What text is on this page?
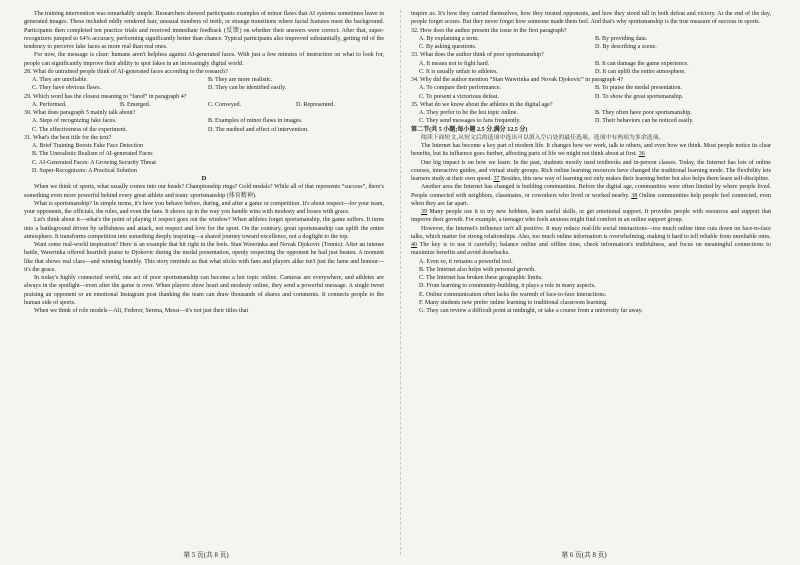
The training intervention was remarkably simple. Researchers showed participants examples of minor flaws that AI systems sometimes leave in generated images. These included oddly rendered hair, unusual numbers of teeth, or strange transitions where facial features meet the background. Participants then completed ten practice trials and received immediate feedback (反馈) on whether their answers were correct. After that, super-recognizers jumped to 64% accuracy, performing significantly better than chance. Typical participants also improved substantially, getting rid of the tendency to perceive fake faces as more real than real ones.

For now, the message is clear: humans aren't helpless against AI-generated faces. With just a few minutes of instruction on what to look for, people can significantly improve their ability to spot fakes in an increasingly digital world.

28. What do untrained people think of AI-generated faces according to the research?

A. They are unreliable.	B. They are more realistic.
C. They have obvious flaws.	D. They can be identified easily.

29. Which word has the closest meaning to “fared” in paragraph 4?

A. Performed.	B. Emerged.	C. Conveyed.	D. Represented.

30. What does paragraph 5 mainly talk about?

A. Steps of recognizing fake faces.	B. Examples of minor flaws in images.
C. The effectiveness of the experiment.	D. The method and effect of intervention.

31. What's the best title for the text?

A. Brief Training Boosts Fake Face Detection

B. The Unrealistic Realism of AI-generated Faces

C. AI-Generated Faces: A Growing Security Threat

D. Super-Recognizers: A Practical Solution

D

When we think of sports, what usually comes into our heads? Championship rings? Gold medals? While all of that represents “success”, there's something even more powerful behind every great athlete and team: sportsmanship (体育精神).

What is sportsmanship? In simple terms, it's how you behave before, during, and after a game or competition. It's about respect—for your team, your opponents, the officials, the rules, and even the fans. It shows up in the way you handle wins with modesty and losses with grace.

Let's think about it—what's the point of playing if respect goes out the window? When athletes forget sportsmanship, the game suffers. It turns into a battleground driven by selfishness and attack, not respect and love for the sport. On the contrary, great sportsmanship can uplift the entire atmosphere. It transforms competition into something deeply inspiring—a shared journey toward excellence, not a dogfight to the top.

Want some real-world inspiration? Here is an example that hit right in the feels. Stan Wawrinka and Novak Djokovic (Tennis): After an intense battle, Wawrinka offered heartfelt praise to Djokovic during the medal presentation, openly respecting the opponent he had just beaten. A moment like that shows real class—and winning humbly. This story reminds us that what sticks with fans and players alike isn't just the fame and honour—it's the grace.

In today's highly connected world, one act of poor sportsmanship can become a hot topic online. Cameras are everywhere, and athletes are always in the spotlight—even after the game is over. When players show heart and modesty online, they send a powerful message. A single tweet praising an opponent or an emotional Instagram post thanking the team can draw thousands of shares and comments. It connects people to the human side of sports.

When we think of role models—Ali, Federer, Serena, Messi—it's not just their titles that

inspire us. It's how they carried themselves, how they treated opponents, and how they stood tall in both defeat and victory. At the end of the day, people forget scores. But they never forget how someone made them feel. And that's why sportsmanship is the true measure of success in sports.

32. How does the author present the issue in the first paragraph?

A. By explaining a term.	B. By providing data.
C. By asking questions.	D. By describing a scene.

33. What does the author think of poor sportsmanship?

A. It means not to fight hard.	B. It can damage the game experience.
C. It is usually unfair to athletes.	D. It can uplift the entire atmosphere.

34. Why did the author mention “Stan Wawrinka and Novak Djokovic” in paragraph 4?

A. To compare their performance.	B. To praise the medal presentation.
C. To present a victorious defeat.	D. To show the great sportsmanship.

35. What do we know about the athletes in the digital age?

A. They prefer to be the hot topic online.	B. They often have poor sportsmanship.
C. They send messages to fans frequently.	D. Their behaviors can be noticed easily.

第二节(共 5 小题;每小题 2.5 分,满分 12.5 分)

阅读下面短文,从短文后的选项中选出可以填入空白处的最佳选项。选项中有两项为多余选项。

The Internet has become a key part of modern life. It changes how we work, talk to others, and even how we think. Most people notice its clear benefits, but its influence goes further, affecting parts of life we might not think about at first. 36

One big impact is on how we learn. In the past, students mostly used textbooks and in-person classes. Today, the Internet has lots of online courses, interactive guides, and virtual study groups. Rich online learning resources have changed the traditional learning mode. The flexibility lets learners study at their own speed. 37 Besides, this new way of learning not only makes their learning better but also helps them learn self-discipline.

Another area the Internet has changed is building communities. Before the digital age, communities were often limited by where people lived. People connected with neighbors, classmates, or coworkers who lived or worked nearby. 38 Online communities help people feel connected, even when they are far apart.

39 Many people use it to try new hobbies, learn useful skills, or get emotional support. It provides people with resources and support that improve their growth. For example, a teenager who feels anxious might find comfort in an online support group.

However, the Internet's influence isn't all positive. It may reduce real-life social interactions—too much online time cuts down on face-to-face talks, which matter for strong relationships. Also, too much online information is overwhelming, making it hard to tell reliable from unreliable ones. 40 The key is to use it carefully; balance online and offline time, check information's truthfulness, and focus on meaningful connections to maximize benefits and avoid drawbacks.

A. Even so, it remains a powerful tool.

B. The Internet also helps with personal growth.

C. The Internet has broken these geographic limits.

D. From learning to community-building, it plays a role in many aspects.

E. Online communication often lacks the warmth of face-to-face interactions.

F. Many students now prefer online learning to traditional classroom learning.

G. They can review a difficult point at midnight, or take a course from a university far away.

第 5 页(共 8 页)	第 6 页(共 8 页)
